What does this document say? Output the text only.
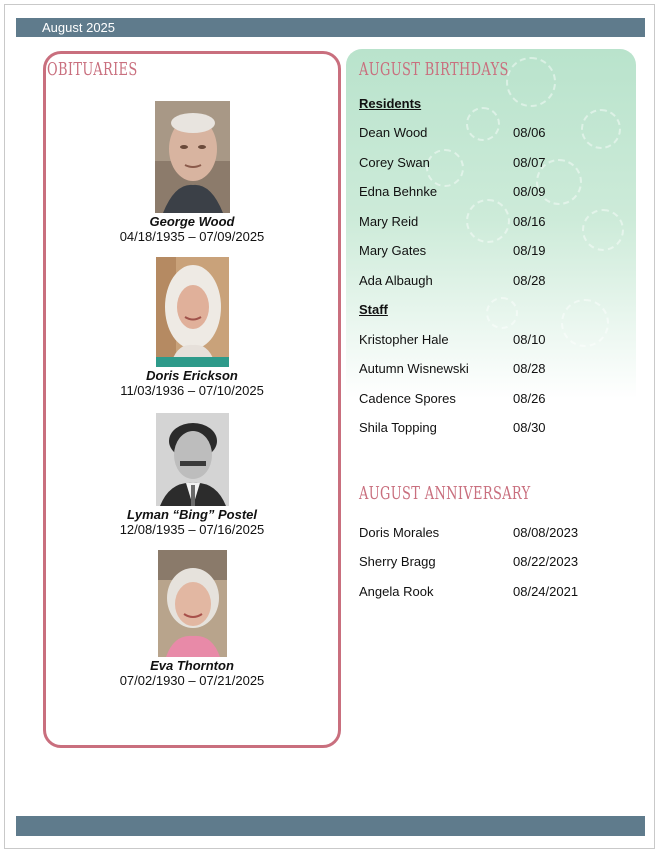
August 2025
OBITUARIES
George Wood
04/18/1935 – 07/09/2025
Doris Erickson
11/03/1936 – 07/10/2025
Lyman “Bing” Postel
12/08/1935 – 07/16/2025
Eva Thornton
07/02/1930 – 07/21/2025
AUGUST BIRTHDAYS
Residents
Dean Wood	08/06
Corey Swan	08/07
Edna Behnke	08/09
Mary Reid	08/16
Mary Gates	08/19
Ada Albaugh	08/28
Staff
Kristopher Hale	08/10
Autumn Wisnewski	08/28
Cadence Spores	08/26
Shila Topping	08/30
AUGUST ANNIVERSARY
Doris Morales	08/08/2023
Sherry Bragg	08/22/2023
Angela Rook	08/24/2021
